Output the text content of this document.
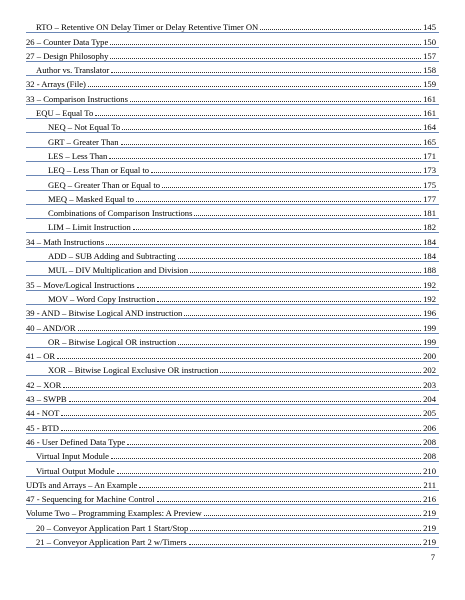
RTO – Retentive ON Delay Timer or Delay Retentive Timer ON	145
26 – Counter Data Type	150
27 – Design Philosophy	157
Author vs. Translator	158
32 - Arrays (File)	159
33 – Comparison Instructions	161
EQU – Equal To	161
NEQ – Not Equal To	164
GRT – Greater Than	165
LES – Less Than	171
LEQ – Less Than or Equal to	173
GEQ – Greater Than or Equal to	175
MEQ – Masked Equal to	177
Combinations of Comparison Instructions	181
LIM – Limit Instruction	182
34 – Math Instructions	184
ADD – SUB Adding and Subtracting	184
MUL – DIV Multiplication and Division	188
35 – Move/Logical Instructions	192
MOV – Word Copy Instruction	192
39 - AND – Bitwise Logical AND instruction	196
40 – AND/OR	199
OR – Bitwise Logical OR instruction	199
41 – OR	200
XOR – Bitwise Logical Exclusive OR instruction	202
42 – XOR	203
43 – SWPB	204
44 - NOT	205
45 - BTD	206
46 - User Defined Data Type	208
Virtual Input Module	208
Virtual Output Module	210
UDTs and Arrays – An Example	211
47 - Sequencing for Machine Control	216
Volume Two – Programming Examples: A Preview	219
20 – Conveyor Application Part 1 Start/Stop	219
21 – Conveyor Application Part 2 w/Timers	219
7
